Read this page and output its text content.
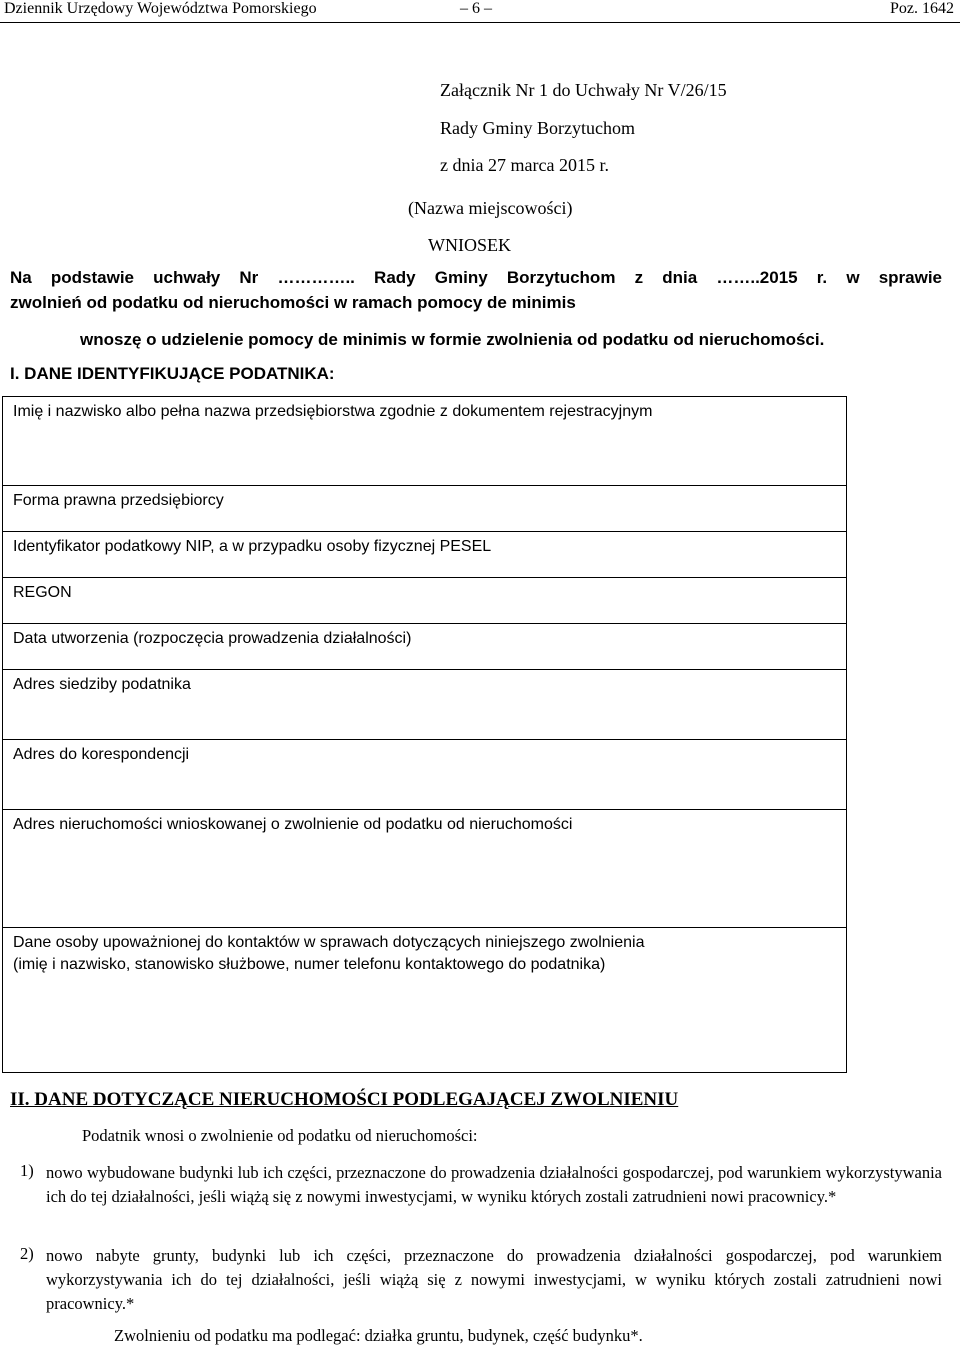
Dziennik Urzędowy Województwa Pomorskiego	– 6 –	Poz. 1642
Załącznik Nr 1 do Uchwały Nr V/26/15
Rady Gminy Borzytuchom
z dnia 27 marca 2015 r.
(Nazwa miejscowości)
WNIOSEK
Na podstawie uchwały Nr ………….. Rady Gminy Borzytuchom z dnia ……..2015 r. w sprawie
zwolnień od podatku od nieruchomości w ramach pomocy de minimis
wnoszę o udzielenie pomocy de minimis w formie zwolnienia od podatku od nieruchomości.
I. DANE IDENTYFIKUJĄCE PODATNIKA:
Imię i nazwisko albo pełna nazwa przedsiębiorstwa zgodnie z dokumentem rejestracyjnym
Forma prawna przedsiębiorcy
Identyfikator podatkowy NIP, a w przypadku osoby fizycznej PESEL
REGON
Data utworzenia (rozpoczęcia prowadzenia działalności)
Adres siedziby podatnika
Adres do korespondencji
Adres nieruchomości wnioskowanej o zwolnienie od podatku od nieruchomości
Dane osoby upoważnionej do kontaktów w sprawach dotyczących niniejszego zwolnienia
(imię i nazwisko, stanowisko służbowe, numer telefonu kontaktowego do podatnika)
II. DANE DOTYCZĄCE NIERUCHOMOŚCI PODLEGAJĄCEJ ZWOLNIENIU
Podatnik wnosi o zwolnienie od podatku od nieruchomości:
1) nowo wybudowane budynki lub ich części, przeznaczone do prowadzenia działalności gospodarczej, pod warunkiem wykorzystywania ich do tej działalności, jeśli wiążą się z nowymi inwestycjami, w wyniku których zostali zatrudnieni nowi pracownicy.*
2) nowo nabyte grunty, budynki lub ich części, przeznaczone do prowadzenia działalności gospodarczej, pod warunkiem wykorzystywania ich do tej działalności, jeśli wiążą się z nowymi inwestycjami, w wyniku których zostali zatrudnieni nowi pracownicy.*
Zwolnieniu od podatku ma podlegać: działka gruntu, budynek, część budynku*.
